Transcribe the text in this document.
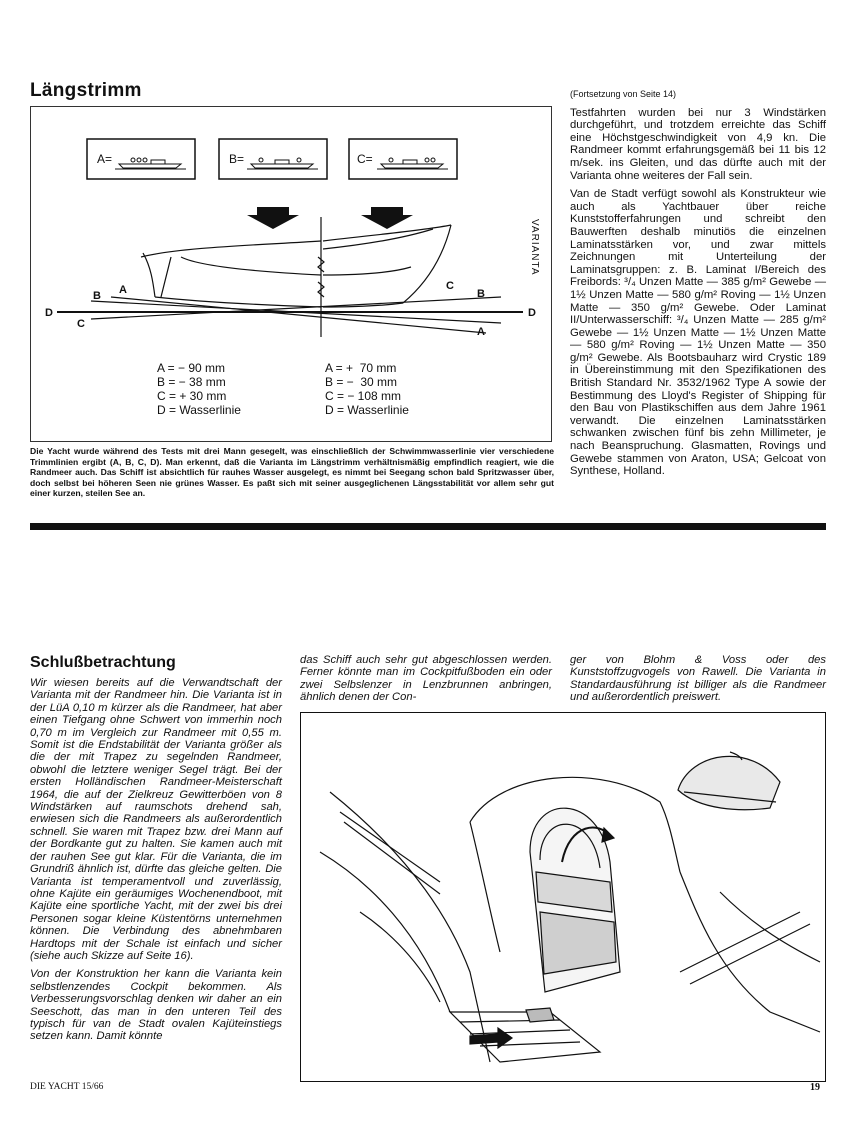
Längstrimm
VARIANTA
D	D
B A
C
C
B
A
A=	B=	C=
A = − 90 mm
B = − 38 mm
C = + 30 mm
D = Wasserlinie
A = +  70 mm
B = −  30 mm
C = − 108 mm
D = Wasserlinie
Die Yacht wurde während des Tests mit drei Mann gesegelt, was einschließlich der Schwimmwasserlinie vier verschiedene Trimmlinien ergibt (A, B, C, D). Man erkennt, daß die Varianta im Längstrimm verhältnismäßig empfindlich reagiert, wie die Randmeer auch. Das Schiff ist absichtlich für rauhes Wasser ausgelegt, es nimmt bei Seegang schon bald Spritzwasser über, doch selbst bei höheren Seen nie grünes Wasser. Es paßt sich mit seiner ausgeglichenen Längsstabilität vor allem sehr gut einer kurzen, steilen See an.
(Fortsetzung von Seite 14)

Testfahrten wurden bei nur 3 Windstärken durchgeführt, und trotzdem erreichte das Schiff eine Höchstgeschwindigkeit von 4,9 kn. Die Randmeer kommt erfahrungsgemäß bei 11 bis 12 m/sek. ins Gleiten, und das dürfte auch mit der Varianta ohne weiteres der Fall sein.

Van de Stadt verfügt sowohl als Konstrukteur wie auch als Yachtbauer über reiche Kunststofferfahrungen und schreibt den Bauwerften deshalb minutiös die einzelnen Laminatsstärken vor, und zwar mittels Zeichnungen mit Unterteilung der Laminatsgruppen: z. B. Laminat I/Bereich des Freibords: ³/₄ Unzen Matte — 385 g/m² Gewebe — 1½ Unzen Matte — 580 g/m² Roving — 1½ Unzen Matte — 350 g/m² Gewebe. Oder Laminat II/Unterwasserschiff: ³/₄ Unzen Matte — 285 g/m² Gewebe — 1½ Unzen Matte — 1½ Unzen Matte — 580 g/m² Roving — 1½ Unzen Matte — 350 g/m² Gewebe. Als Bootsbauharz wird Crystic 189 in Übereinstimmung mit den Spezifikationen des British Standard Nr. 3532/1962 Type A sowie der Bestimmung des Lloyd's Register of Shipping für den Bau von Plastikschiffen aus dem Jahre 1961 verwandt. Die einzelnen Laminatsstärken schwanken zwischen fünf bis zehn Millimeter, je nach Beanspruchung. Glasmatten, Rovings und Gewebe stammen von Araton, USA; Gelcoat von Synthese, Holland.

Schlußbetrachtung

Wir wiesen bereits auf die Verwandtschaft der Varianta mit der Randmeer hin. Die Varianta ist in der LüA 0,10 m kürzer als die Randmeer, hat aber einen Tiefgang ohne Schwert von immerhin noch 0,70 m im Vergleich zur Randmeer mit 0,55 m. Somit ist die Endstabilität der Varianta größer als die der mit Trapez zu segelnden Randmeer, obwohl die letztere weniger Segel trägt. Bei der ersten Holländischen Randmeer-Meisterschaft 1964, die auf der Zielkreuz Gewitterböen von 8 Windstärken auf raumschots drehend sah, erwiesen sich die Randmeers als außerordentlich schnell. Sie waren mit Trapez bzw. drei Mann auf der Bordkante gut zu halten. Sie kamen auch mit der rauhen See gut klar. Für die Varianta, die im Grundriß ähnlich ist, dürfte das gleiche gelten. Die Varianta ist temperamentvoll und zuverlässig, ohne Kajüte ein geräumiges Wochenendboot, mit Kajüte eine sportliche Yacht, mit der zwei bis drei Personen sogar kleine Küstentörns unternehmen können. Die Verbindung des abnehmbaren Hardtops mit der Schale ist einfach und sicher (siehe auch Skizze auf Seite 16).

Von der Konstruktion her kann die Varianta kein selbstlenzendes Cockpit bekommen. Als Verbesserungsvorschlag denken wir daher an ein Seeschott, das man in den unteren Teil des typisch für van de Stadt ovalen Kajüteinstiegs setzen kann. Damit könnte

das Schiff auch sehr gut abgeschlossen werden. Ferner könnte man im Cockpitfußboden ein oder zwei Selbslenzer in Lenzbrunnen anbringen, ähnlich denen der Con-
ger von Blohm & Voss oder des Kunststoffzugvogels von Rawell. Die Varianta in Standardausführung ist billiger als die Randmeer und außerordentlich preiswert.
DIE YACHT 15/66	19
